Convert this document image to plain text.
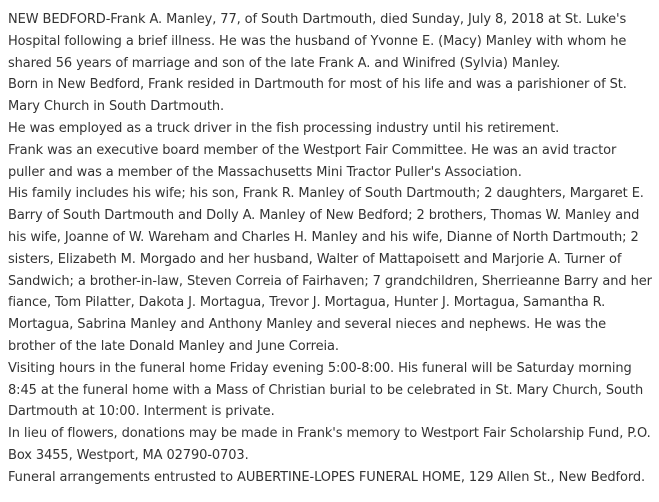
NEW BEDFORD-Frank A. Manley, 77, of South Dartmouth, died Sunday, July 8, 2018 at St. Luke's Hospital following a brief illness. He was the husband of Yvonne E. (Macy) Manley with whom he shared 56 years of marriage and son of the late Frank A. and Winifred (Sylvia) Manley.

Born in New Bedford, Frank resided in Dartmouth for most of his life and was a parishioner of St. Mary Church in South Dartmouth.

He was employed as a truck driver in the fish processing industry until his retirement.

Frank was an executive board member of the Westport Fair Committee. He was an avid tractor puller and was a member of the Massachusetts Mini Tractor Puller's Association.

His family includes his wife; his son, Frank R. Manley of South Dartmouth; 2 daughters, Margaret E. Barry of South Dartmouth and Dolly A. Manley of New Bedford; 2 brothers, Thomas W. Manley and his wife, Joanne of W. Wareham and Charles H. Manley and his wife, Dianne of North Dartmouth; 2 sisters, Elizabeth M. Morgado and her husband, Walter of Mattapoisett and Marjorie A. Turner of Sandwich; a brother-in-law, Steven Correia of Fairhaven; 7 grandchildren, Sherrieanne Barry and her fiance, Tom Pilatter, Dakota J. Mortagua, Trevor J. Mortagua, Hunter J. Mortagua, Samantha R. Mortagua, Sabrina Manley and Anthony Manley and several nieces and nephews. He was the brother of the late Donald Manley and June Correia.

Visiting hours in the funeral home Friday evening 5:00-8:00. His funeral will be Saturday morning 8:45 at the funeral home with a Mass of Christian burial to be celebrated in St. Mary Church, South Dartmouth at 10:00. Interment is private.

In lieu of flowers, donations may be made in Frank's memory to Westport Fair Scholarship Fund, P.O. Box 3455, Westport, MA 02790-0703.

Funeral arrangements entrusted to AUBERTINE-LOPES FUNERAL HOME, 129 Allen St., New Bedford.
